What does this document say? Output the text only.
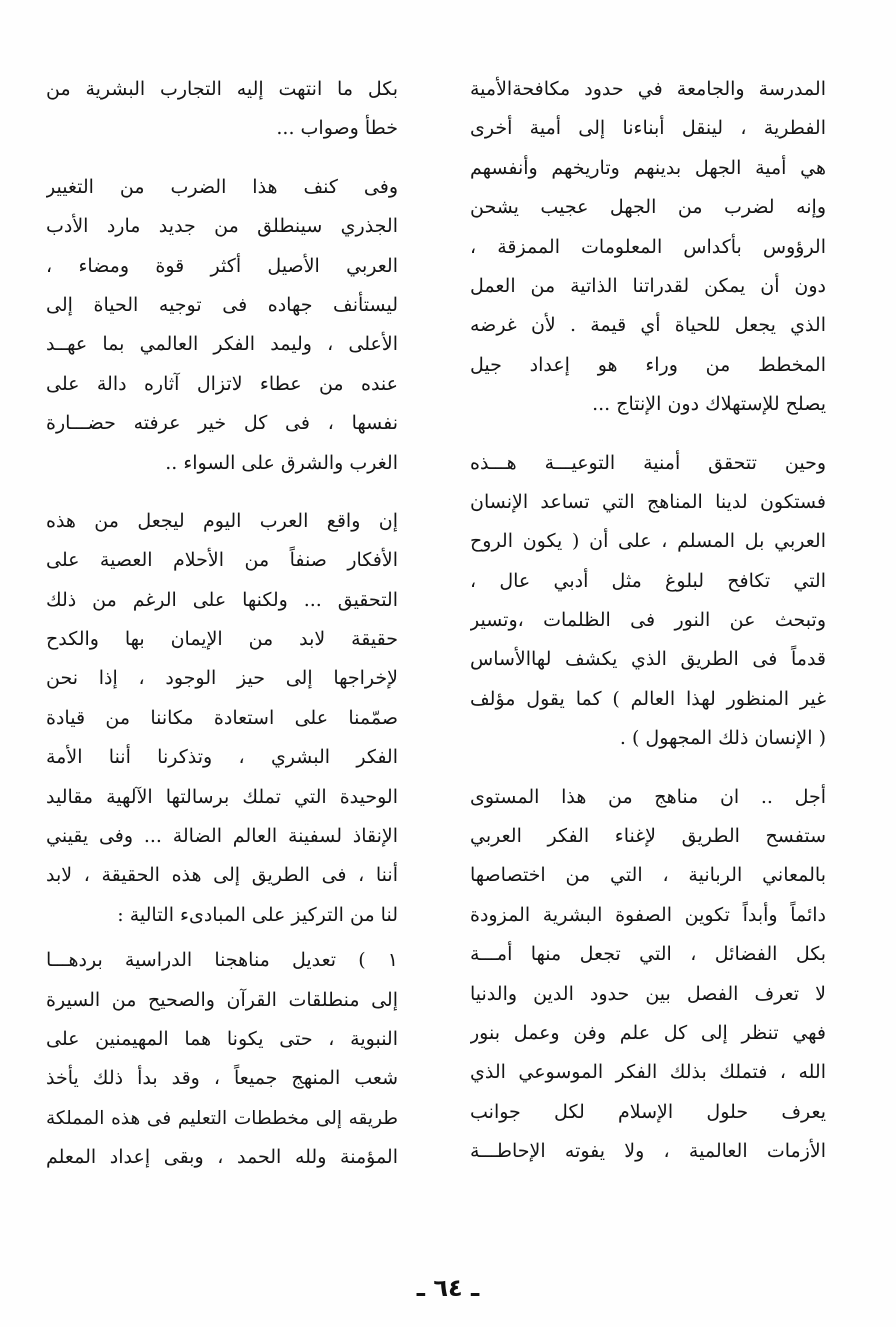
المدرسة والجامعة في حدود مكافحةالأمية
الفطرية ، لينقل أبناءنا إلى أمية أخرى
هي أمية الجهل بدينهم وتاريخهم وأنفسهم
وإنه لضرب من الجهل عجيب يشحن
الرؤوس بأكداس المعلومات الممزقة ،
دون أن يمكن لقدراتنا الذاتية من العمل
الذي يجعل للحياة أي قيمة . لأن غرضه
المخطط من وراء هو إعداد جيل
يصلح للإستهلاك دون الإنتاج ...
وحين تتحقق أمنية التوعيـــة هـــذه
فستكون لدينا المناهج التي تساعد الإنسان
العربي بل المسلم ، على أن ( يكون الروح
التي تكافح لبلوغ مثل أدبي عال ،
وتبحث عن النور فى الظلمات ،وتسير
قدماً فى الطريق الذي يكشف لهاالأساس
غير المنظور لهذا العالم ) كما يقول مؤلف
( الإنسان ذلك المجهول ) .
أجل .. ان مناهج من هذا المستوى
ستفسح الطريق لإغناء الفكر العربي
بالمعاني الربانية ، التي من اختصاصها
دائماً وأبداً تكوين الصفوة البشرية المزودة
بكل الفضائل ، التي تجعل منها أمـــة
لا تعرف الفصل بين حدود الدين والدنيا
فهي تنظر إلى كل علم وفن وعمل بنور
الله ، فتملك بذلك الفكر الموسوعي الذي
يعرف حلول الإسلام لكل جوانب
الأزمات العالمية ، ولا يفوته الإحاطـــة
بكل ما انتهت إليه التجارب البشرية من
خطأ وصواب ...
وفى كنف هذا الضرب من التغيير
الجذري سينطلق من جديد مارد الأدب
العربي الأصيل أكثر قوة ومضاء ،
ليستأنف جهاده فى توجيه الحياة إلى
الأعلى ، وليمد الفكر العالمي بما عهــد
عنده من عطاء لاتزال آثاره دالة على
نفسها ، فى كل خير عرفته حضـــارة
الغرب والشرق على السواء ..
إن واقع العرب اليوم ليجعل من هذه
الأفكار صنفاً من الأحلام العصية على
التحقيق ... ولكنها على الرغم من ذلك
حقيقة لابد من الإيمان بها والكدح
لإخراجها إلى حيز الوجود ، إذا نحن
صمّمنا على استعادة مكاننا من قيادة
الفكر البشري ، وتذكرنا أننا الأمة
الوحيدة التي تملك برسالتها الآلهية مقاليد
الإنقاذ لسفينة العالم الضالة ... وفى يقيني
أننا ، فى الطريق إلى هذه الحقيقة ، لابد
لنا من التركيز على المبادىء التالية :
١ ) تعديل مناهجنا الدراسية بردهـــا
إلى منطلقات القرآن والصحيح من السيرة
النبوية ، حتى يكونا هما المهيمنين على
شعب المنهج جميعاً ، وقد بدأ ذلك يأخذ
طريقه إلى مخططات التعليم فى هذه المملكة
المؤمنة ولله الحمد ، وبقى إعداد المعلم
ـ ٦٤ ـ
